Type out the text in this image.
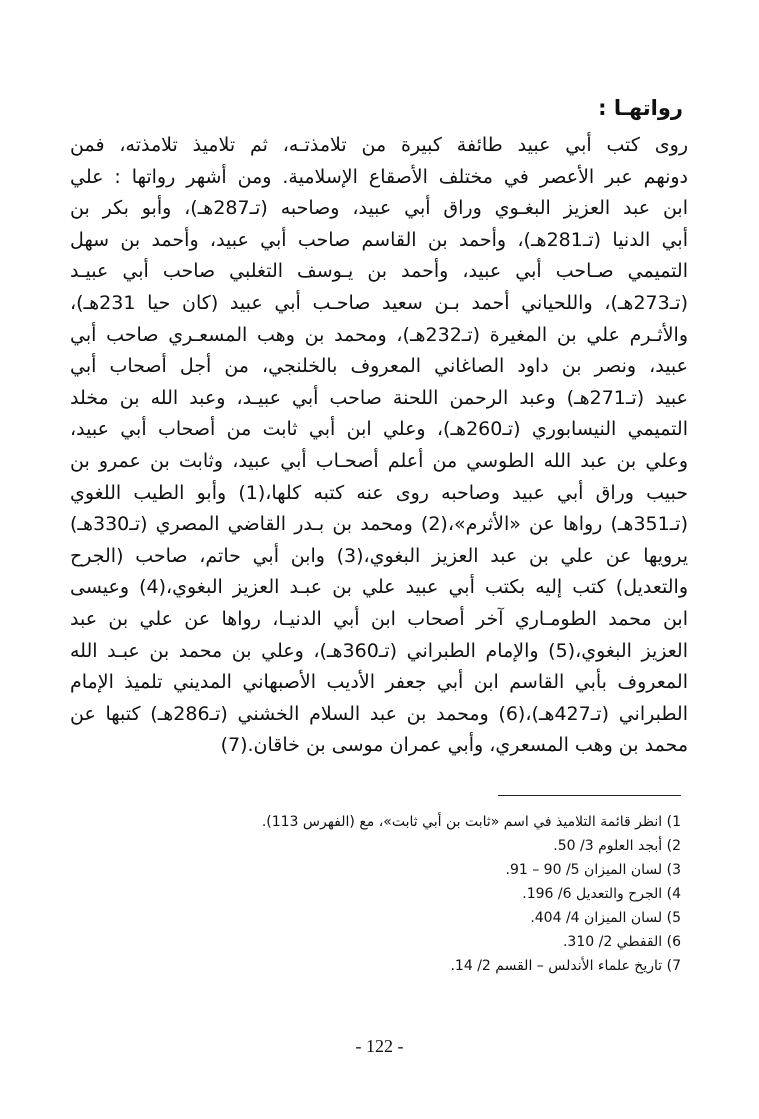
رواتهـا :
روى كتب أبي عبيد طائفة كبيرة من تلامذتـه، ثم تلاميذ تلامذته، فمن
دونهم عبر الأعصر في مختلف الأصقاع الإسلامية. ومن أشهر رواتها : علي
ابن عبد العزيز البغـوي وراق أبي عبيد، وصاحبه (تـ287هـ)، وأبو بكر بن
أبي الدنيا (تـ281هـ)، وأحمد بن القاسم صاحب أبي عبيد، وأحمد بن سهل
التميمي صـاحب أبي عبيد، وأحمد بن يـوسف التغلبي صاحب أبي عبيـد
(تـ273هـ)، واللحياني أحمد بـن سعيد صاحـب أبي عبيد (كان حيا 231هـ)،
والأثـرم علي بن المغيرة (تـ232هـ)، ومحمد بن وهب المسعـري صاحب أبي
عبيد، ونصر بن داود الصاغاني المعروف بالخلنجي، من أجل أصحاب أبي
عبيد (تـ271هـ) وعبد الرحمن اللحنة صاحب أبي عبيـد، وعبد الله بن مخلد
التميمي النيسابوري (تـ260هـ)، وعلي ابن أبي ثابت من أصحاب أبي عبيد،
وعلي بن عبد الله الطوسي من أعلم أصحـاب أبي عبيد، وثابت بن عمرو بن
حبيب وراق أبي عبيد وصاحبه روى عنه كتبه كلها،(1) وأبو الطيب اللغوي
(تـ351هـ) رواها عن «الأثرم»،(2) ومحمد بن بـدر القاضي المصري (تـ330هـ)
يرويها عن علي بن عبد العزيز البغوي،(3) وابن أبي حاتم، صاحب (الجرح
والتعديل) كتب إليه بكتب أبي عبيد علي بن عبـد العزيز البغوي،(4) وعيسى
ابن محمد الطومـاري آخر أصحاب ابن أبي الدنيـا، رواها عن علي بن عبد
العزيز البغوي،(5) والإمام الطبراني (تـ360هـ)، وعلي بن محمد بن عبـد الله
المعروف بأبي القاسم ابن أبي جعفر الأديب الأصبهاني المديني تلميذ الإمام
الطبراني (تـ427هـ)،(6) ومحمد بن عبد السلام الخشني (تـ286هـ) كتبها عن
محمد بن وهب المسعري، وأبي عمران موسى بن خاقان.(7)
1) انظر قائمة التلاميذ في اسم «ثابت بن أبي ثابت»، مع (الفهرس 113).
2) أبجد العلوم 3/ 50.
3) لسان الميزان 5/ 90 – 91.
4) الجرح والتعديل 6/ 196.
5) لسان الميزان 4/ 404.
6) القفطي 2/ 310.
7) تاريخ علماء الأندلس – القسم 2/ 14.
- 122 -
